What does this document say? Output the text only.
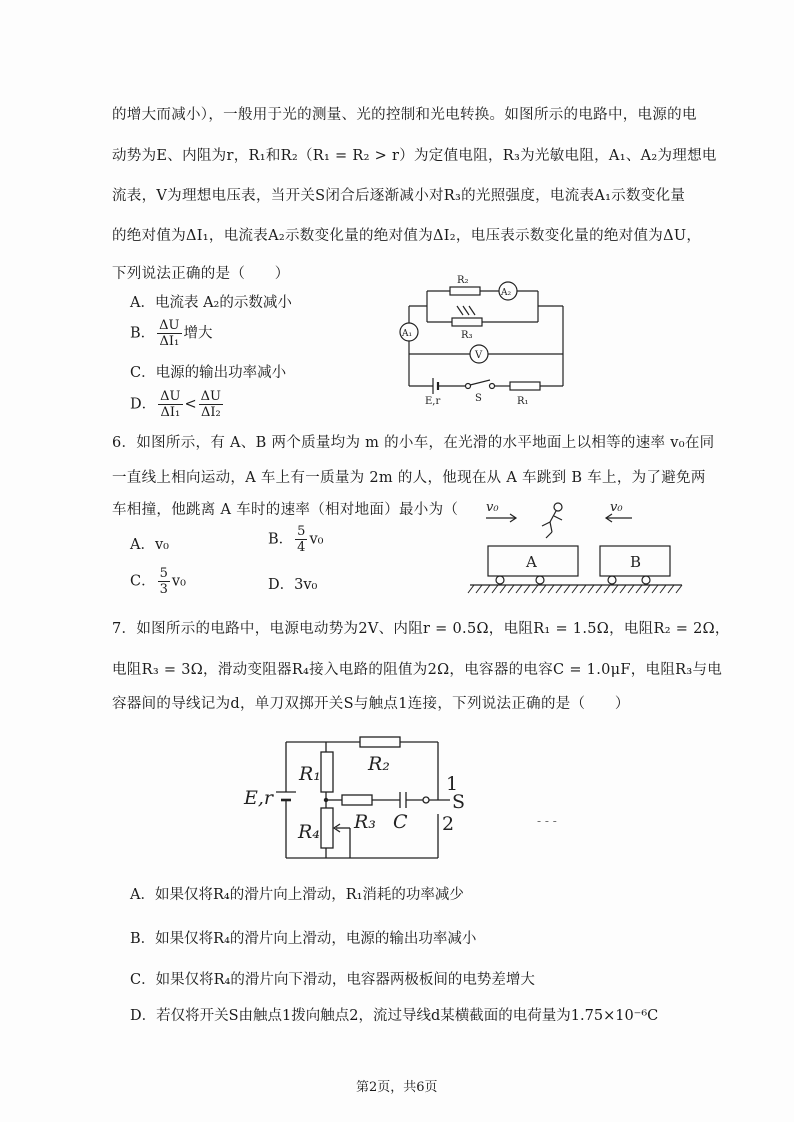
的增大而减小），一般用于光的测量、光的控制和光电转换。如图所示的电路中，电源的电
动势为E、内阻为r，R₁和R₂（R₁ = R₂ > r）为定值电阻，R₃为光敏电阻，A₁、A₂为理想电
流表，V为理想电压表，当开关S闭合后逐渐减小对R₃的光照强度，电流表A₁示数变化量
的绝对值为ΔI₁，电流表A₂示数变化量的绝对值为ΔI₂，电压表示数变化量的绝对值为ΔU，
下列说法正确的是（　　）
A．电流表 A₂的示数减小
B． $\frac{\Delta U}{\text{ΔI₁}}$ 增大
C．电源的输出功率减小
D． $\frac{\Delta U}{\text{ΔI₁}} < \frac{\Delta U}{\text{ΔI₂}}$
R₂
A₂
R₃
A₁
V
E,r	S	R₁
6．如图所示，有 A、B 两个质量均为 m 的小车，在光滑的水平地面上以相等的速率 v₀在同
一直线上相向运动，A 车上有一质量为 2m 的人，他现在从 A 车跳到 B 车上，为了避免两
车相撞，他跳离 A 车时的速率（相对地面）最小为（
A．v₀	B． $\frac{5}{4} v_0$
C． $\frac{5}{3} v_0$	D．3v₀
v₀	v₀
A	B
7．如图所示的电路中，电源电动势为2V、内阻r = 0.5Ω，电阻R₁ = 1.5Ω，电阻R₂ = 2Ω，
电阻R₃ = 3Ω，滑动变阻器R₄接入电路的阻值为2Ω，电容器的电容C = 1.0μF，电阻R₃与电
容器间的导线记为d，单刀双掷开关S与触点1连接，下列说法正确的是（　　）
E,r
R₁ R₂
R₃
R₄	C
1
S
2	‐ ‐ ‐
A．如果仅将R₄的滑片向上滑动，R₁消耗的功率减少
B．如果仅将R₄的滑片向上滑动，电源的输出功率减小
C．如果仅将R₄的滑片向下滑动，电容器两极板间的电势差增大
D．若仅将开关S由触点1拨向触点2，流过导线d某横截面的电荷量为1.75×10⁻⁶C
第2页，共6页
